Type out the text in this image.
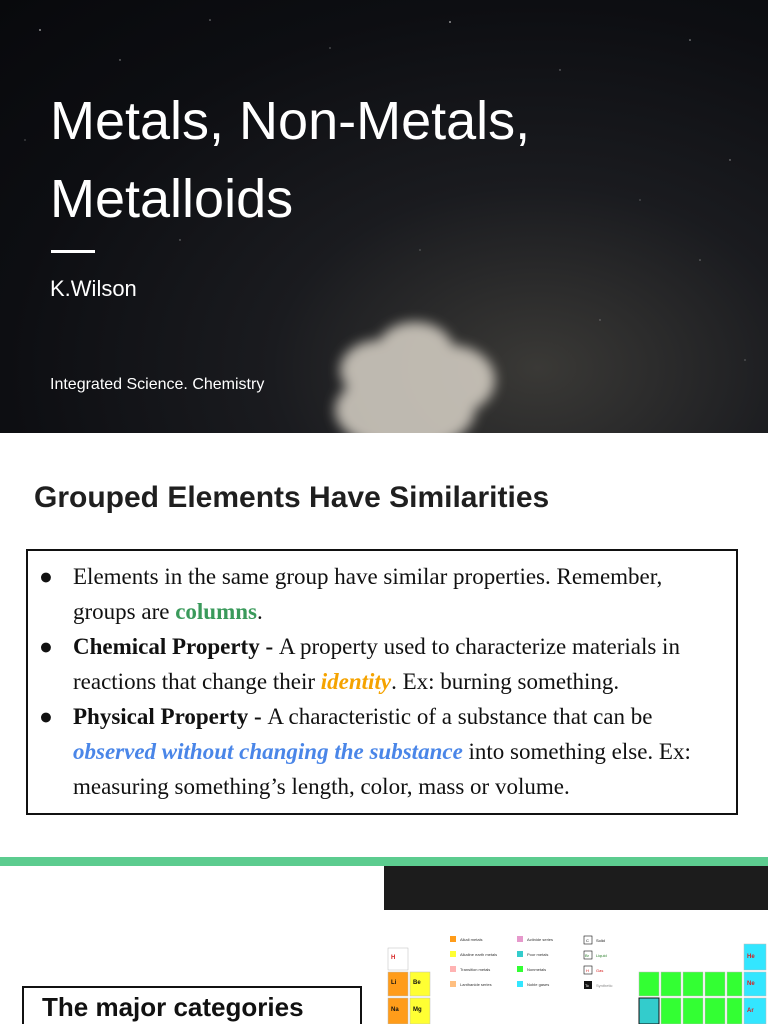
Metals, Non-Metals,
Metalloids
K.Wilson
Integrated Science. Chemistry
Grouped Elements Have Similarities
● Elements in the same group have similar properties. Remember, groups are columns.
● Chemical Property - A property used to characterize materials in reactions that change their identity. Ex: burning something.
● Physical Property - A characteristic of a substance that can be observed without changing the substance into something else. Ex: measuring something’s length, color, mass or volume.
The major categories
Alkali metals
Alkaline earth metals
Transition metals
Lanthanide series
Actinide series
Poor metals
Nonmetals
Noble gases
C Solid
Br Liquid
H Gas
Tc Synthetic
H
Li	Be
Na Mg
He
Ne
Ar
